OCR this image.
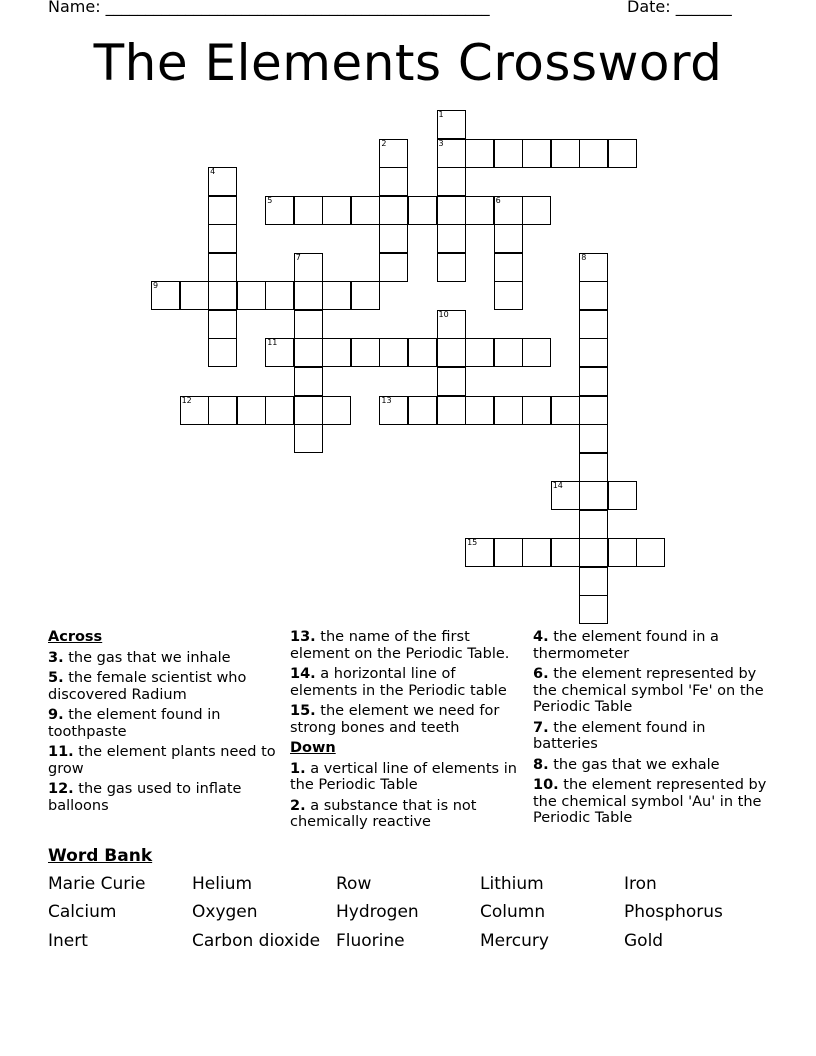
Name: ________________________________________________	Date: _______
The Elements Crossword
3
5	6
9
11
12	13
14
15
1
2
4
7	8
10
Across
3. the gas that we inhale
5. the female scientist who discovered Radium
9. the element found in toothpaste
11. the element plants need to grow
12. the gas used to inflate balloons
13. the name of the first element on the Periodic Table.
14. a horizontal line of elements in the Periodic table
15. the element we need for strong bones and teeth
Down
1. a vertical line of elements in the Periodic Table
2. a substance that is not chemically reactive
4. the element found in a thermometer
6. the element represented by the chemical symbol 'Fe' on the Periodic Table
7. the element found in batteries
8. the gas that we exhale
10. the element represented by the chemical symbol 'Au' in the Periodic Table
Word Bank
Marie Curie	Helium	Row	Lithium	Iron
Calcium	Oxygen	Hydrogen	Column	Phosphorus
Inert	Carbon dioxide Fluorine	Mercury	Gold
